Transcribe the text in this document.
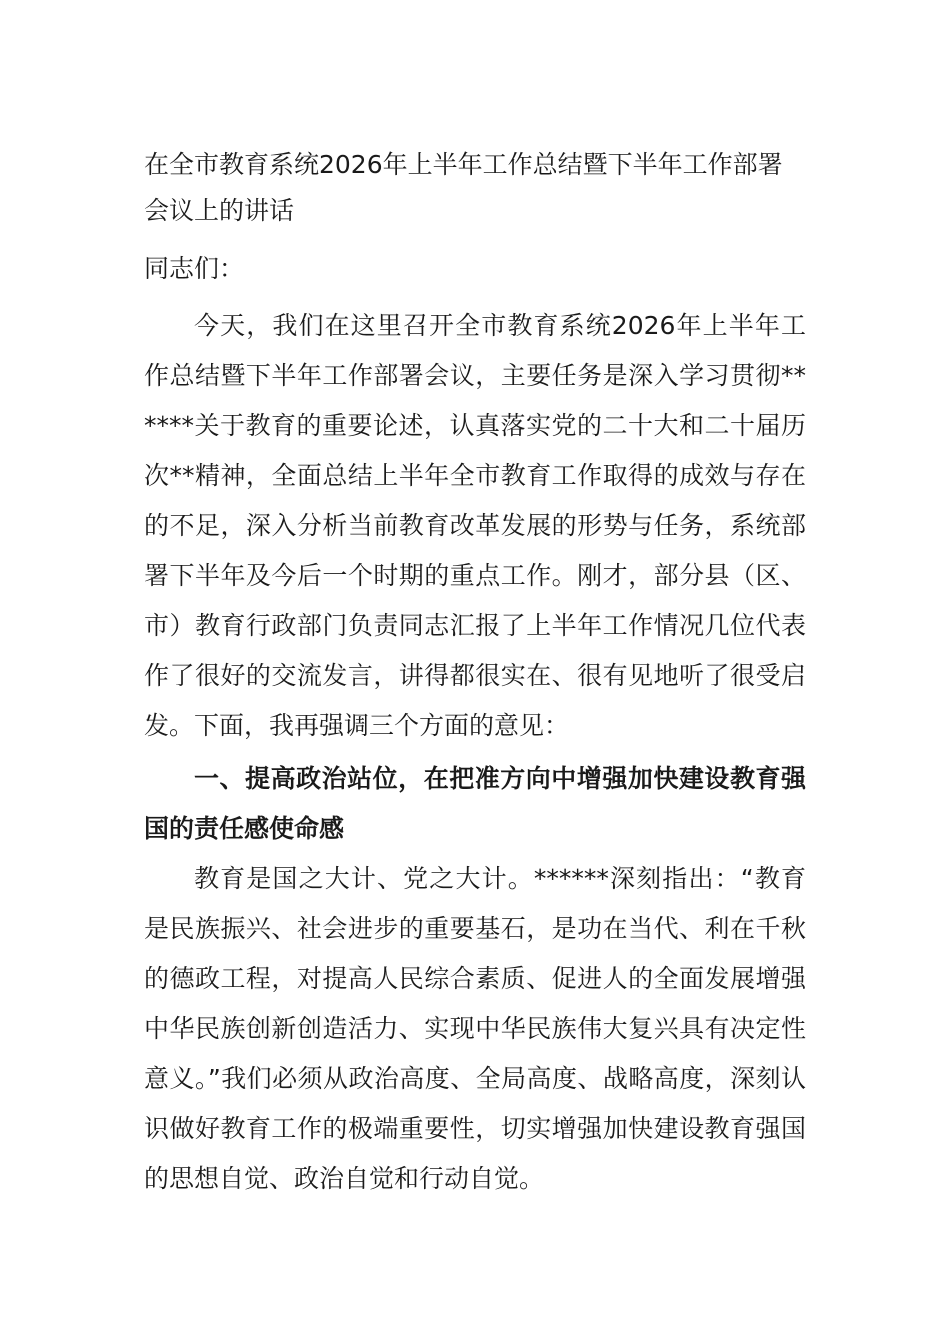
在全市教育系统2026年上半年工作总结暨下半年工作部署会议上的讲话

同志们：

今天，我们在这里召开全市教育系统2026年上半年工作总结暨下半年工作部署会议，主要任务是深入学习贯彻******关于教育的重要论述，认真落实党的二十大和二十届历次**精神，全面总结上半年全市教育工作取得的成效与存在的不足，深入分析当前教育改革发展的形势与任务，系统部署下半年及今后一个时期的重点工作。刚才，部分县（区、市）教育行政部门负责同志汇报了上半年工作情况几位代表作了很好的交流发言，讲得都很实在、很有见地听了很受启发。下面，我再强调三个方面的意见：

一、提高政治站位，在把准方向中增强加快建设教育强国的责任感使命感

教育是国之大计、党之大计。******深刻指出：“教育是民族振兴、社会进步的重要基石，是功在当代、利在千秋的德政工程，对提高人民综合素质、促进人的全面发展增强中华民族创新创造活力、实现中华民族伟大复兴具有决定性意义。”我们必须从政治高度、全局高度、战略高度，深刻认识做好教育工作的极端重要性，切实增强加快建设教育强国的思想自觉、政治自觉和行动自觉。
